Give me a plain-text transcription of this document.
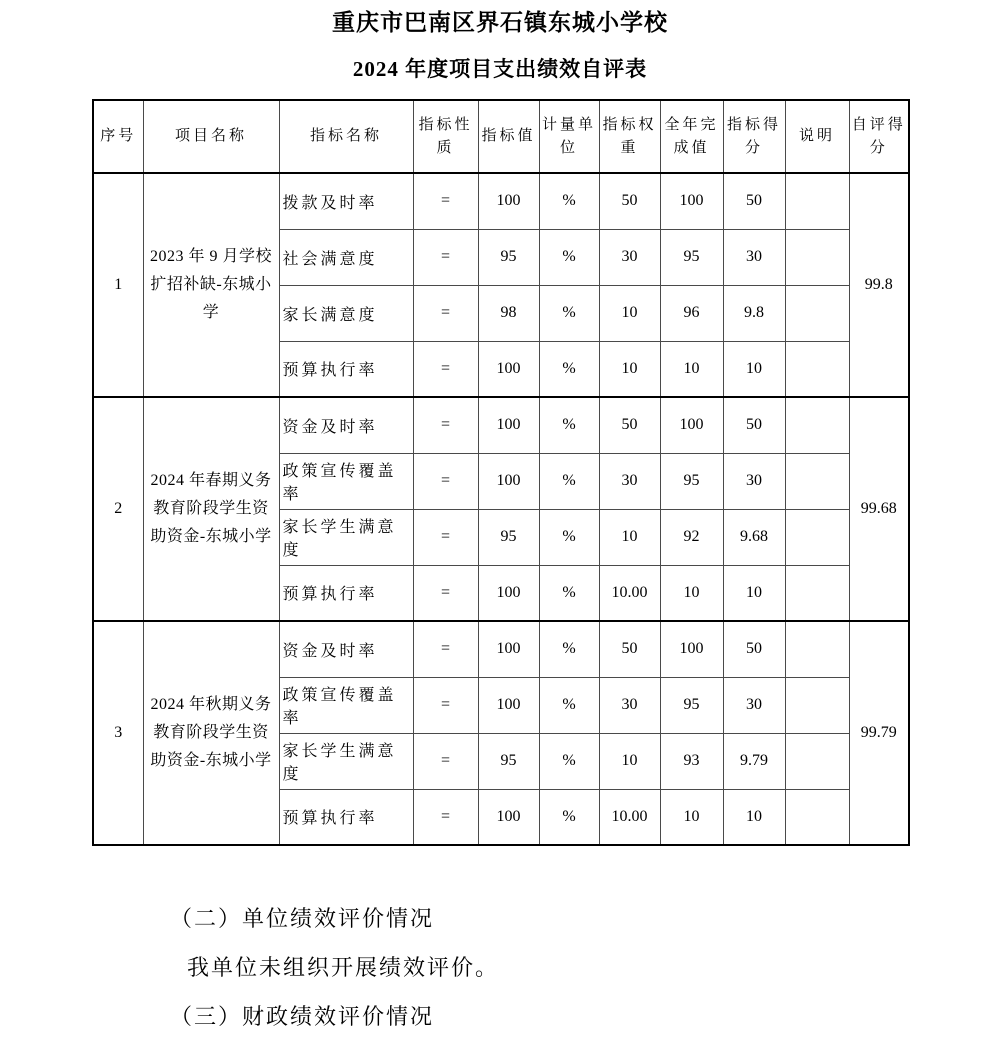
重庆市巴南区界石镇东城小学校
2024 年度项目支出绩效自评表
序号	项目名称	指标名称	指标性质	指标值	计量单位	指标权重	全年完成值	指标得分	说明	自评得分
1	2023 年 9 月学校扩招补缺-东城小学	拨款及时率	=	100	%	50	100	50		99.8
		社会满意度	=	95	%	30	95	30		
		家长满意度	=	98	%	10	96	9.8		
		预算执行率	=	100	%	10	10	10		
2	2024 年春期义务教育阶段学生资助资金-东城小学	资金及时率	=	100	%	50	100	50		99.68
		政策宣传覆盖率	=	100	%	30	95	30		
		家长学生满意度	=	95	%	10	92	9.68		
		预算执行率	=	100	%	10.00	10	10		
3	2024 年秋期义务教育阶段学生资助资金-东城小学	资金及时率	=	100	%	50	100	50		99.79
		政策宣传覆盖率	=	100	%	30	95	30		
		家长学生满意度	=	95	%	10	93	9.79		
		预算执行率	=	100	%	10.00	10	10		

（二）单位绩效评价情况

我单位未组织开展绩效评价。

（三）财政绩效评价情况
